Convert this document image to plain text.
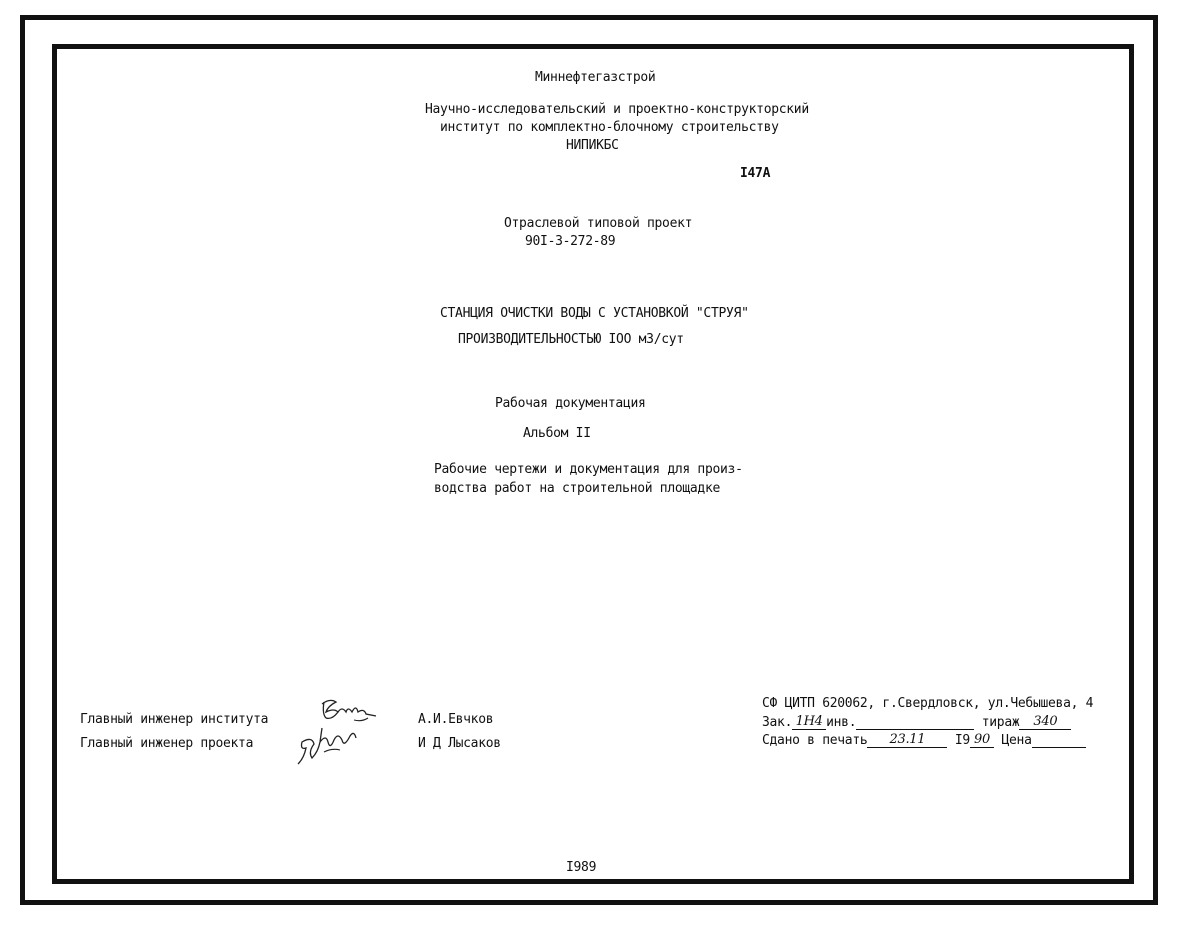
Миннефтегазстрой
Научно-исследовательский и проектно-конструкторский
институт по комплектно-блочному строительству
НИПИКБС
I47A
Отраслевой типовой проект
90I-3-272-89
СТАНЦИЯ ОЧИСТКИ ВОДЫ С УСТАНОВКОЙ "СТРУЯ"
ПРОИЗВОДИТЕЛЬНОСТЬЮ IOO м3/сут
Рабочая документация
Альбом II
Рабочие чертежи и документация для произ-
водства работ на строительной площадке
Главный инженер института
Главный инженер проекта
А.И.Евчков
И Д Лысаков
СФ ЦИТП 620062, г.Свердловск, ул.Чебышева, 4
Зак. 1Н4 инв.	тираж 340
Сдано в печать 23.11 I9 90 Цена
I989
